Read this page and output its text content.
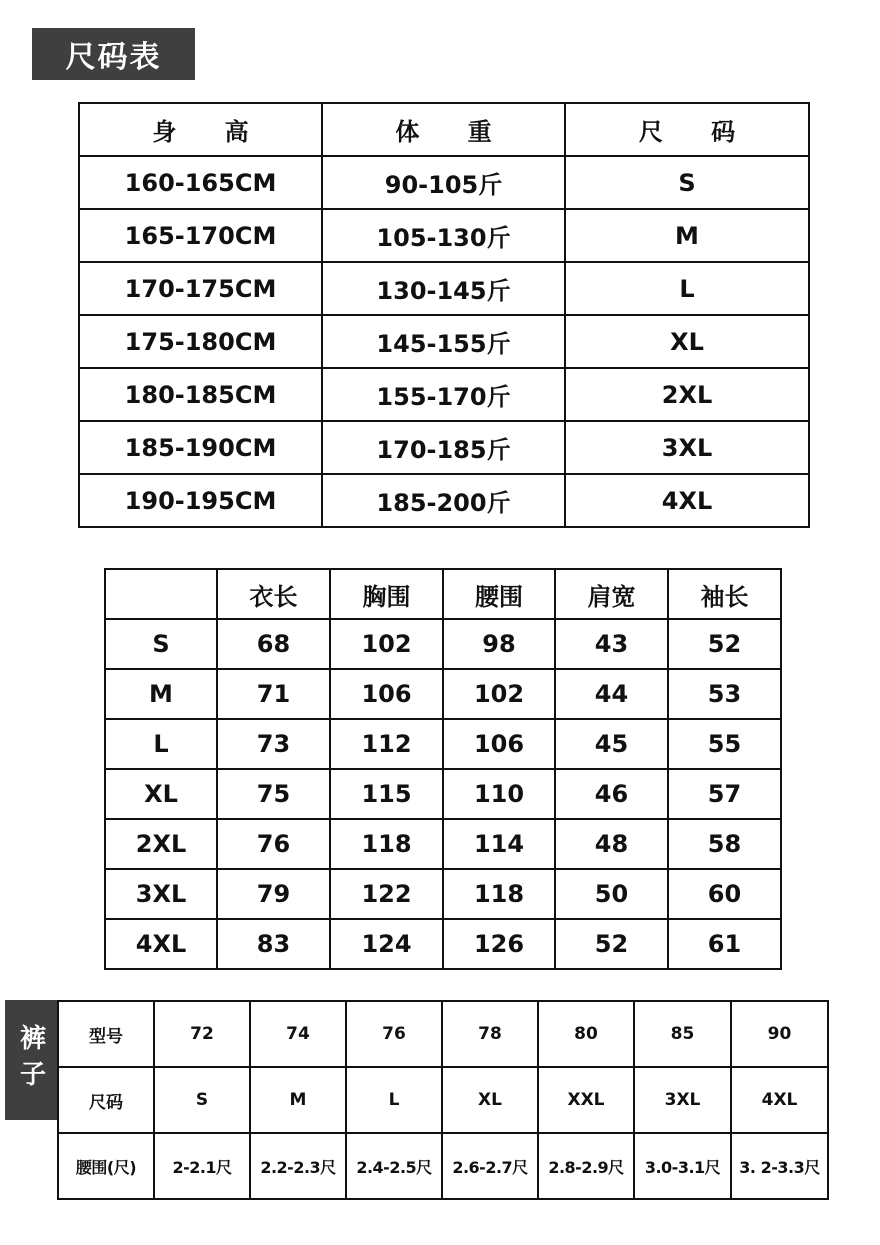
尺码表
身 高	体 重	尺 码
160-165CM	90-105斤	S
165-170CM	105-130斤	M
170-175CM	130-145斤	L
175-180CM	145-155斤	XL
180-185CM	155-170斤	2XL
185-190CM	170-185斤	3XL
190-195CM	185-200斤	4XL
	衣长	胸围	腰围	肩宽	袖长
S	68	102	98	43	52
M	71	106	102	44	53
L	73	112	106	45	55
XL	75	115	110	46	57
2XL	76	118	114	48	58
3XL	79	122	118	50	60
4XL	83	124	126	52	61
裤子	型号	72	74	76	78	80	85	90
尺码	S	M	L	XL	XXL	3XL	4XL
腰围(尺)	2-2.1尺	2.2-2.3尺	2.4-2.5尺	2.6-2.7尺	2.8-2.9尺	3.0-3.1尺	3. 2-3.3尺
